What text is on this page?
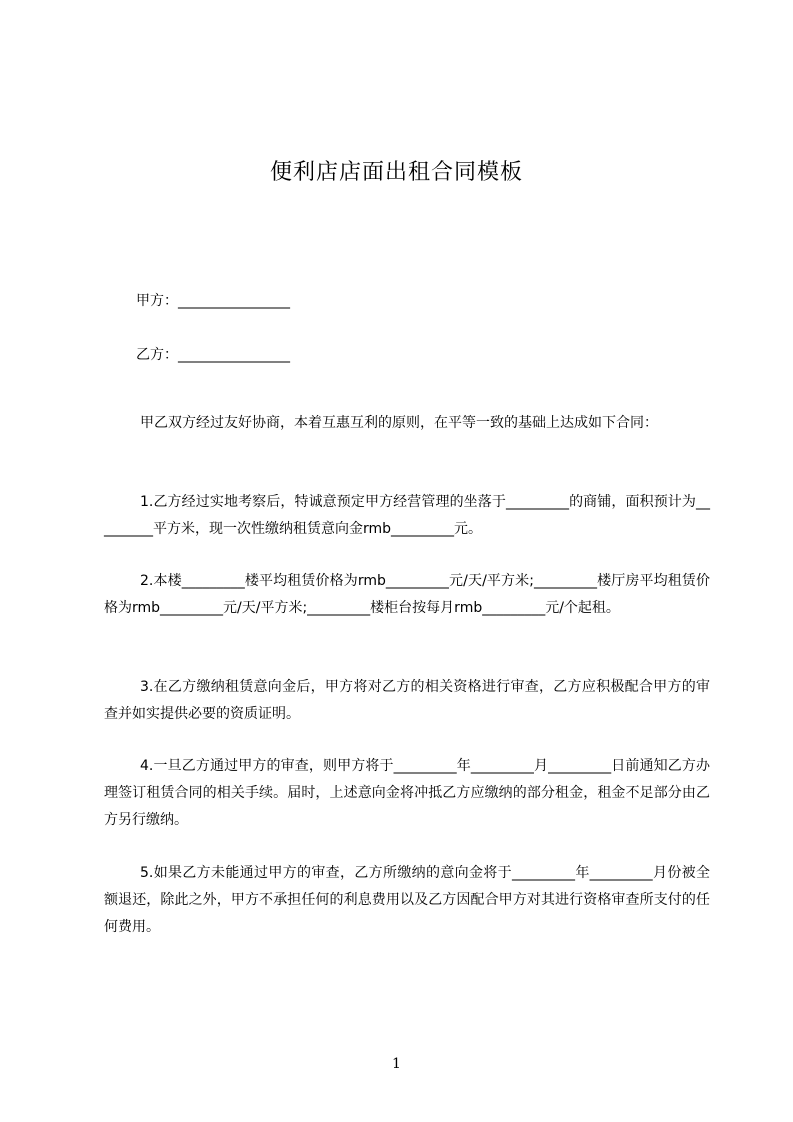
便利店店面出租合同模板
甲方：________________
乙方：________________

甲乙双方经过友好协商，本着互惠互利的原则，在平等一致的基础上达成如下合同：

1.乙方经过实地考察后，特诚意预定甲方经营管理的坐落于_________的商铺，面积预计为_________平方米，现一次性缴纳租赁意向金rmb_________元。

2.本楼_________楼平均租赁价格为rmb_________元/天/平方米;_________楼厅房平均租赁价格为rmb_________元/天/平方米;_________楼柜台按每月rmb_________元/个起租。

3.在乙方缴纳租赁意向金后，甲方将对乙方的相关资格进行审查，乙方应积极配合甲方的审查并如实提供必要的资质证明。

4.一旦乙方通过甲方的审查，则甲方将于_________年_________月_________日前通知乙方办理签订租赁合同的相关手续。届时，上述意向金将冲抵乙方应缴纳的部分租金，租金不足部分由乙方另行缴纳。

5.如果乙方未能通过甲方的审查，乙方所缴纳的意向金将于_________年_________月份被全额退还，除此之外，甲方不承担任何的利息费用以及乙方因配合甲方对其进行资格审查所支付的任何费用。

1
